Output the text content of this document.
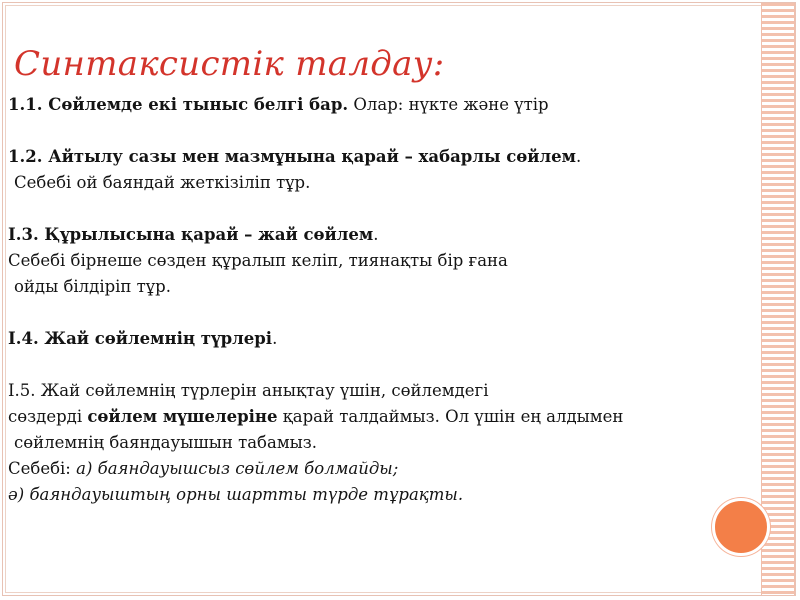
Синтаксистік талдау:
1.1. Сөйлемде екі тыныс белгі бар. Олар: нүкте және үтір
1.2. Айтылу сазы мен мазмұнына қарай – хабарлы сөйлем.
Себебі ой баяндай жеткізіліп тұр.
І.3. Құрылысына қарай – жай сөйлем.
Себебі бірнеше сөзден құралып келіп, тиянақты бір ғана
ойды білдіріп тұр.
І.4. Жай сөйлемнің түрлері.
І.5. Жай сөйлемнің түрлерін анықтау үшін, сөйлемдегі
сөздерді сөйлем мүшелеріне қарай талдаймыз. Ол үшін ең алдымен
сөйлемнің баяндауышын табамыз.
Себебі: а) баяндауышсыз сөйлем болмайды;
ә) баяндауыштың орны шартты түрде тұрақты.
